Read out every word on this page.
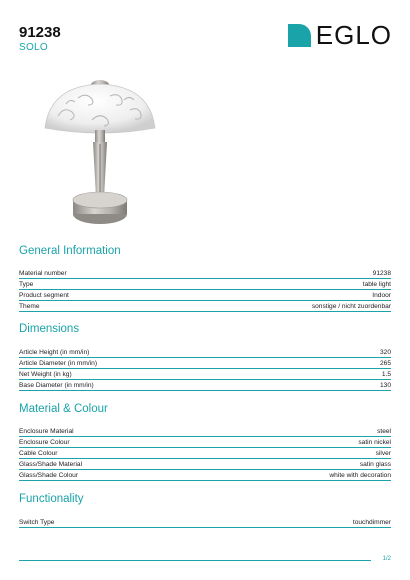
91238
SOLO	EGLO
General Information
Material number	91238
Type	table light
Product segment	Indoor
Theme	sonstige / nicht zuordenbar
Dimensions
Article Height (in mm/in)	320
Article Diameter (in mm/in)	265
Net Weight (in kg)	1.5
Base Diameter (in mm/in)	130
Material & Colour
Enclosure Material	steel
Enclosure Colour	satin nickel
Cable Colour	silver
Glass/Shade Material	satin glass
Glass/Shade Colour	white with decoration
Functionality
Switch Type	touchdimmer
1/2
